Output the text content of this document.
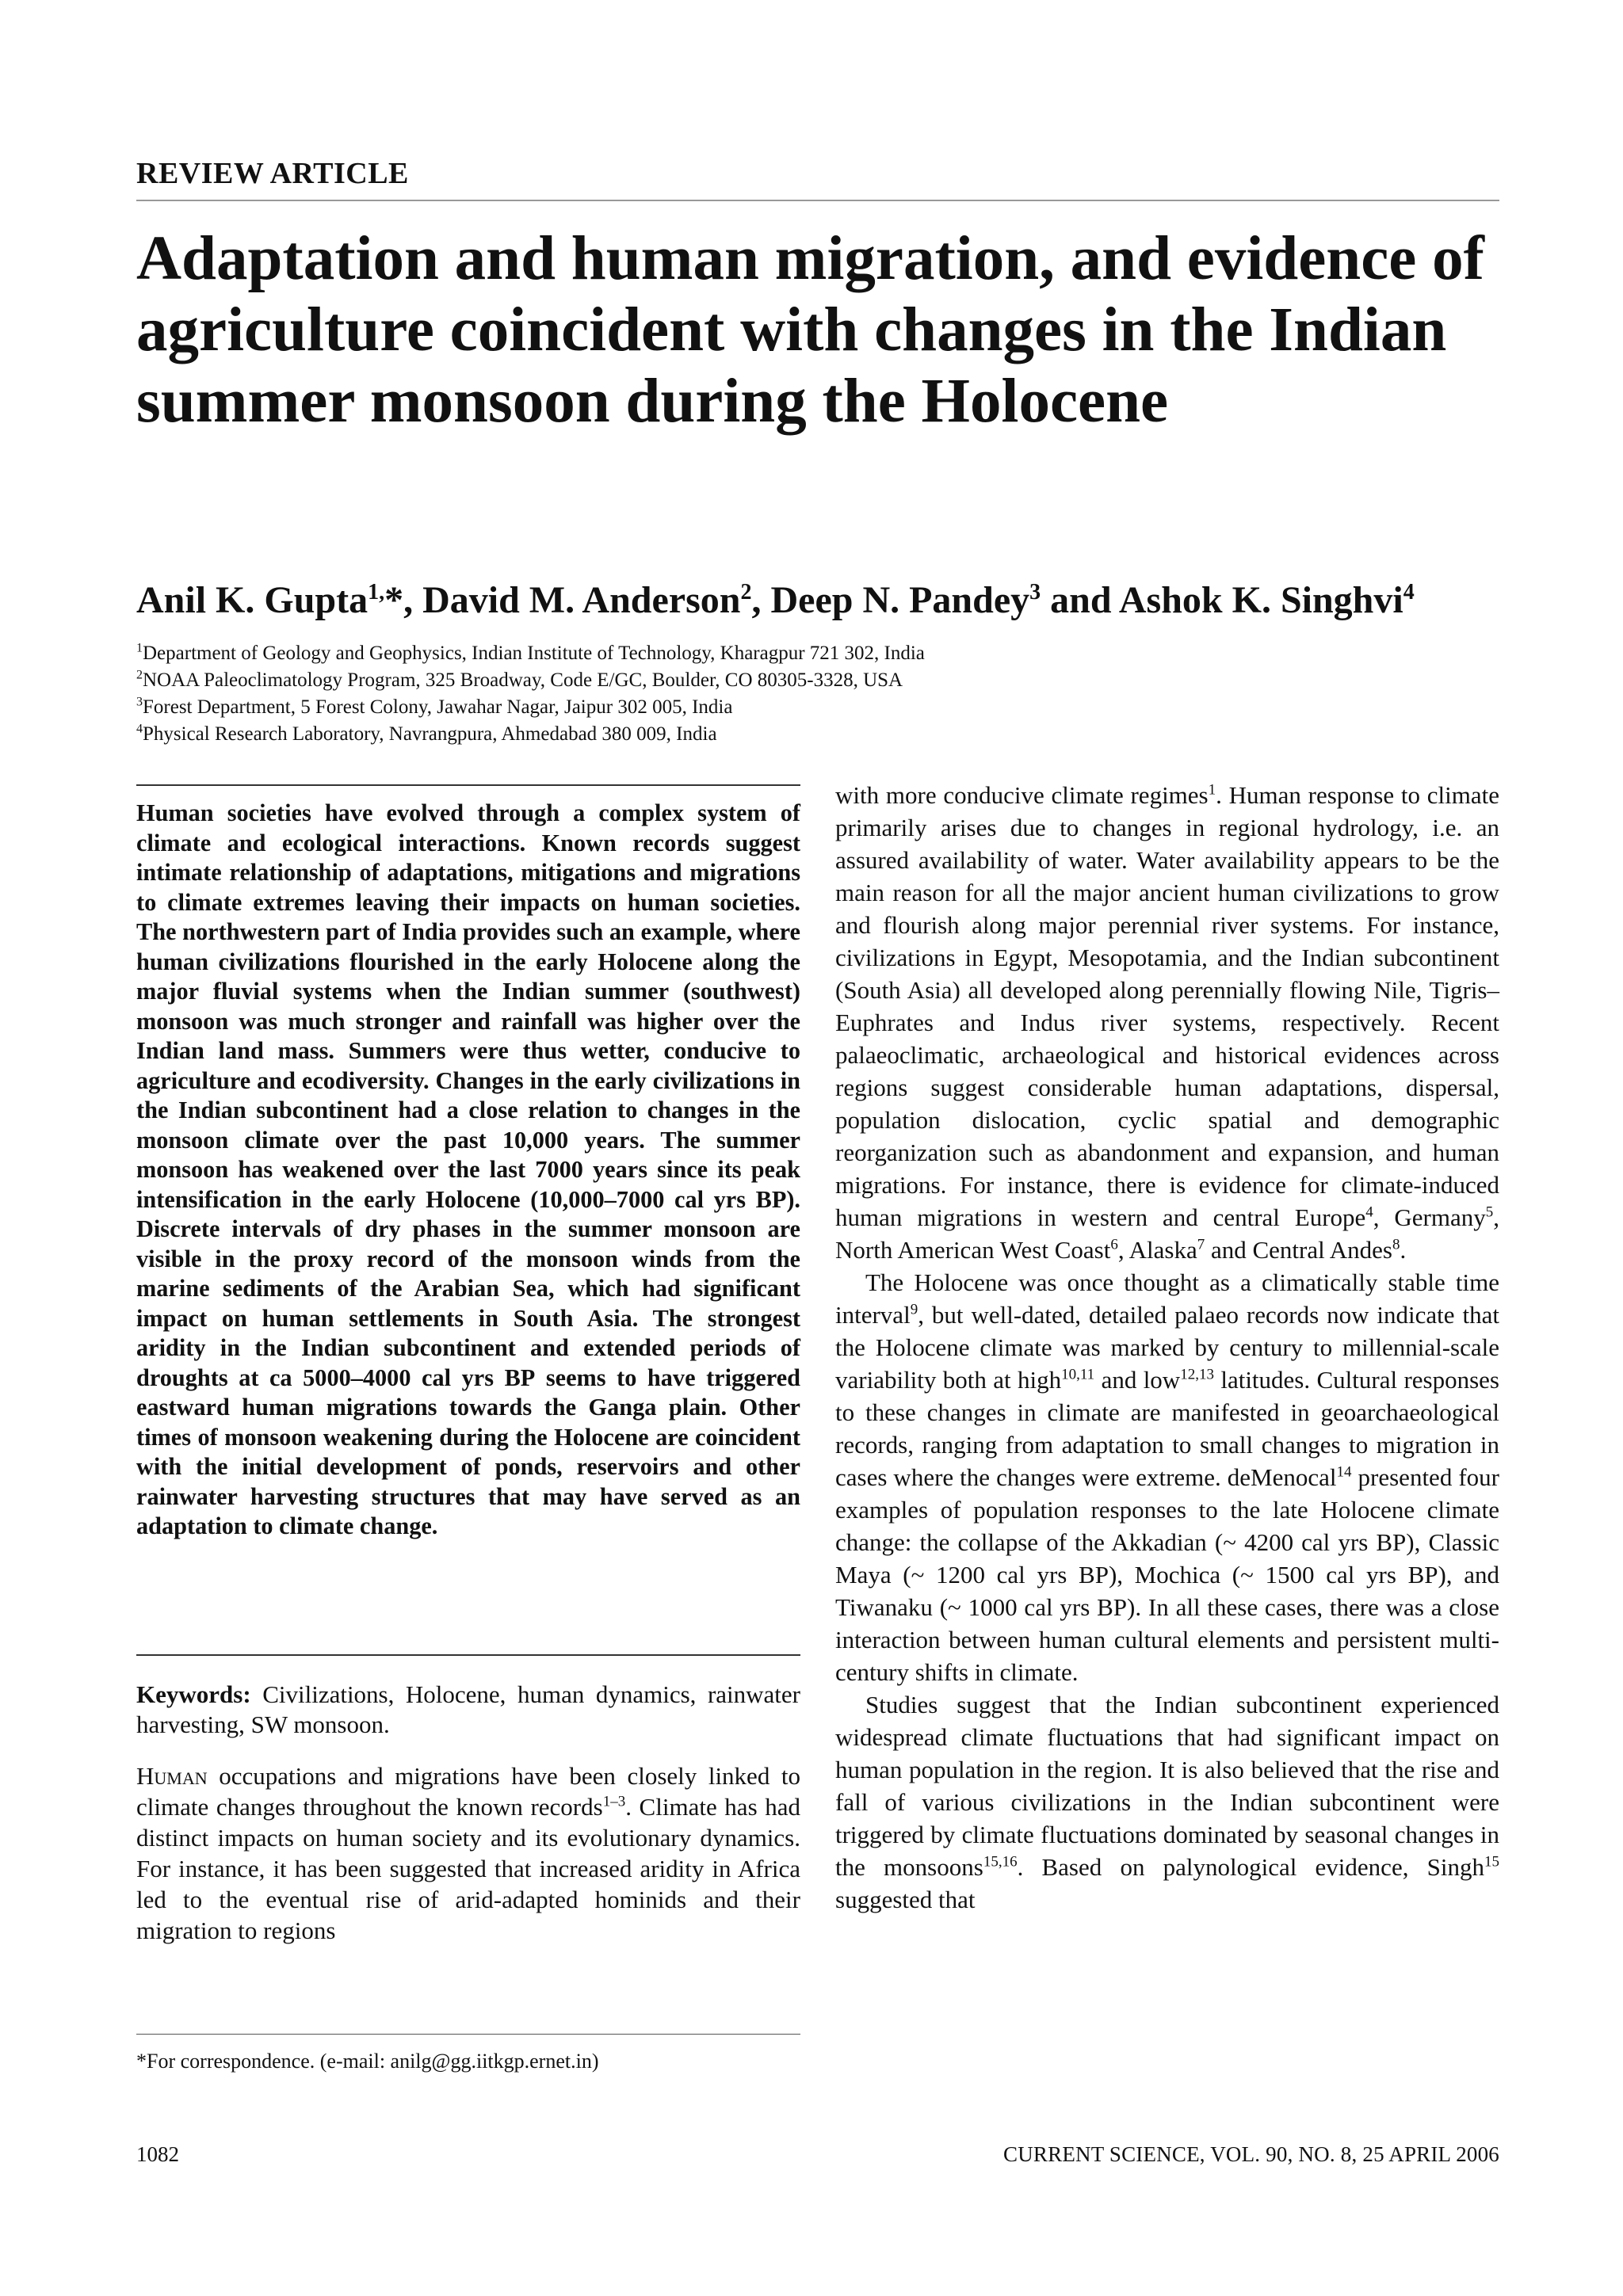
REVIEW ARTICLE
Adaptation and human migration, and evidence of agriculture coincident with changes in the Indian summer monsoon during the Holocene
Anil K. Gupta$^{1,}$*, David M. Anderson$^2$, Deep N. Pandey$^3$ and Ashok K. Singhvi$^4$
$^1$Department of Geology and Geophysics, Indian Institute of Technology, Kharagpur 721 302, India
$^2$NOAA Paleoclimatology Program, 325 Broadway, Code E/GC, Boulder, CO 80305-3328, USA
$^3$Forest Department, 5 Forest Colony, Jawahar Nagar, Jaipur 302 005, India
$^4$Physical Research Laboratory, Navrangpura, Ahmedabad 380 009, India

Human societies have evolved through a complex system of climate and ecological interactions. Known records suggest intimate relationship of adaptations, mitigations and migrations to climate extremes leaving their impacts on human societies. The northwestern part of India provides such an example, where human civilizations flourished in the early Holocene along the major fluvial systems when the Indian summer (southwest) monsoon was much stronger and rainfall was higher over the Indian land mass. Summers were thus wetter, conducive to agriculture and ecodiversity. Changes in the early civilizations in the Indian subcontinent had a close relation to changes in the monsoon climate over the past 10,000 years. The summer monsoon has weakened over the last 7000 years since its peak intensification in the early Holocene (10,000–7000 cal yrs BP). Discrete intervals of dry phases in the summer monsoon are visible in the proxy record of the monsoon winds from the marine sediments of the Arabian Sea, which had significant impact on human settlements in South Asia. The strongest aridity in the Indian subcontinent and extended periods of droughts at ca 5000–4000 cal yrs BP seems to have triggered eastward human migrations towards the Ganga plain. Other times of monsoon weakening during the Holocene are coincident with the initial development of ponds, reservoirs and other rainwater harvesting structures that may have served as an adaptation to climate change.

Keywords: Civilizations, Holocene, human dynamics, rainwater harvesting, SW monsoon.

Human occupations and migrations have been closely linked to climate changes throughout the known records$^{1-3}$. Climate has had distinct impacts on human society and its evolutionary dynamics. For instance, it has been suggested that increased aridity in Africa led to the eventual rise of arid-adapted hominids and their migration to regions

*For correspondence. (e-mail: anilg@gg.iitkgp.ernet.in)

with more conducive climate regimes$^1$. Human response to climate primarily arises due to changes in regional hydrology, i.e. an assured availability of water. Water availability appears to be the main reason for all the major ancient human civilizations to grow and flourish along major perennial river systems. For instance, civilizations in Egypt, Mesopotamia, and the Indian subcontinent (South Asia) all developed along perennially flowing Nile, Tigris–Euphrates and Indus river systems, respectively. Recent palaeoclimatic, archaeological and historical evidences across regions suggest considerable human adaptations, dispersal, population dislocation, cyclic spatial and demographic reorganization such as abandonment and expansion, and human migrations. For instance, there is evidence for climate-induced human migrations in western and central Europe$^4$, Germany$^5$, North American West Coast$^6$, Alaska$^7$ and Central Andes$^8$.

The Holocene was once thought as a climatically stable time interval$^9$, but well-dated, detailed palaeo records now indicate that the Holocene climate was marked by century to millennial-scale variability both at high$^{10,11}$ and low$^{12,13}$ latitudes. Cultural responses to these changes in climate are manifested in geoarchaeological records, ranging from adaptation to small changes to migration in cases where the changes were extreme. deMenocal$^{14}$ presented four examples of population responses to the late Holocene climate change: the collapse of the Akkadian (~ 4200 cal yrs BP), Classic Maya (~ 1200 cal yrs BP), Mochica (~ 1500 cal yrs BP), and Tiwanaku (~ 1000 cal yrs BP). In all these cases, there was a close interaction between human cultural elements and persistent multi-century shifts in climate.

Studies suggest that the Indian subcontinent experienced widespread climate fluctuations that had significant impact on human population in the region. It is also believed that the rise and fall of various civilizations in the Indian subcontinent were triggered by climate fluctuations dominated by seasonal changes in the monsoons$^{15,16}$. Based on palynological evidence, Singh$^{15}$ suggested that

1082	CURRENT SCIENCE, VOL. 90, NO. 8, 25 APRIL 2006
